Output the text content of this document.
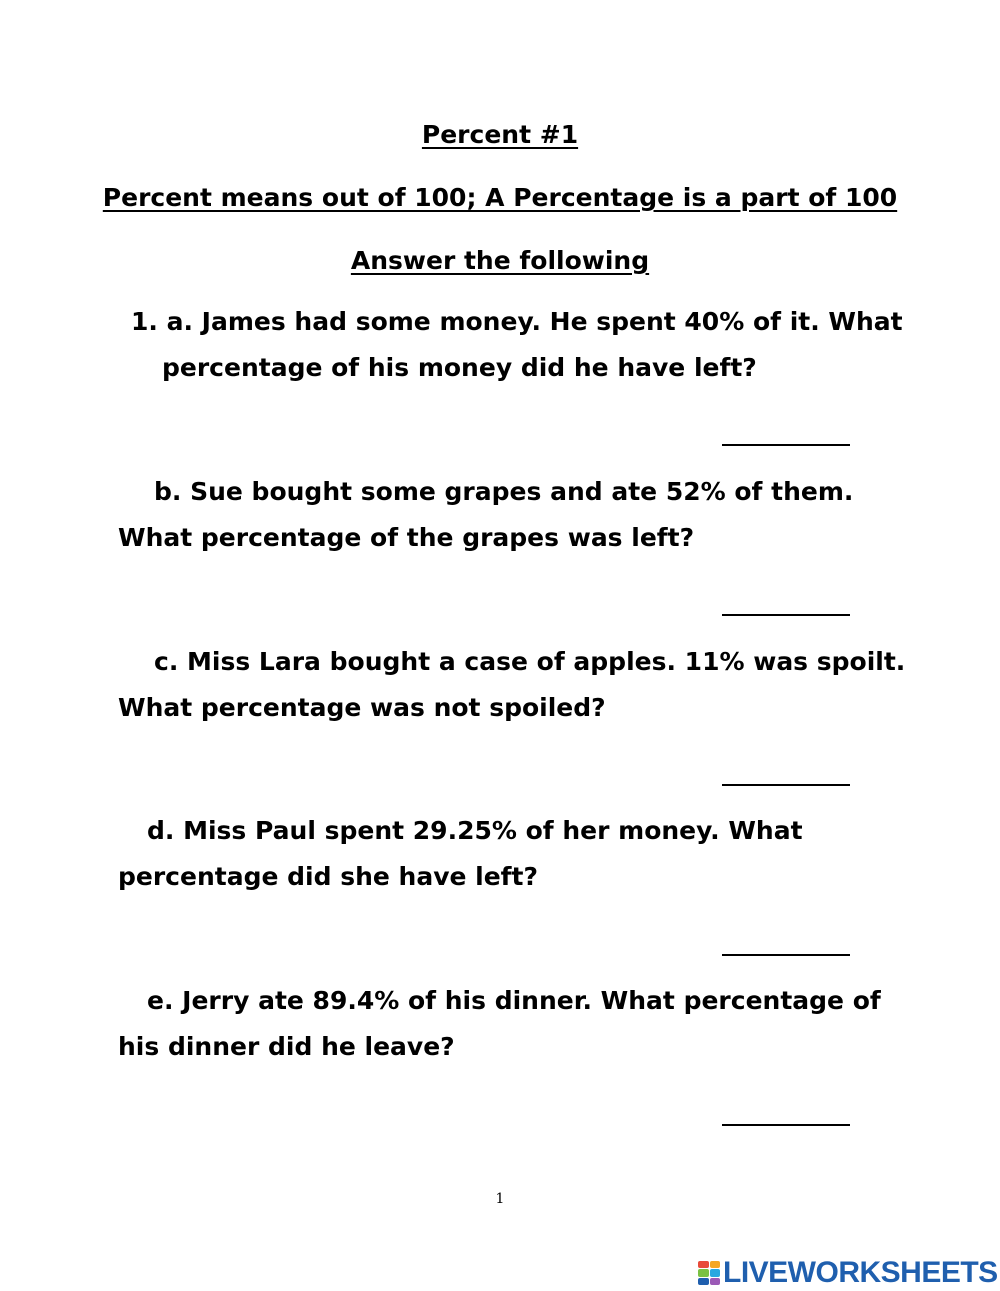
Percent #1
Percent means out of 100; A Percentage is a part of 100
Answer the following
1. a. James had some money. He spent 40% of it. What
percentage of his money did he have left?
b. Sue bought some grapes and ate 52% of them.
What percentage of the grapes was left?
c. Miss Lara bought a case of apples. 11% was spoilt.
What percentage was not spoiled?
d. Miss Paul spent 29.25% of her money. What
percentage did she have left?
e. Jerry ate 89.4% of his dinner. What percentage of
his dinner did he leave?
1
LIVEWORKSHEETS
